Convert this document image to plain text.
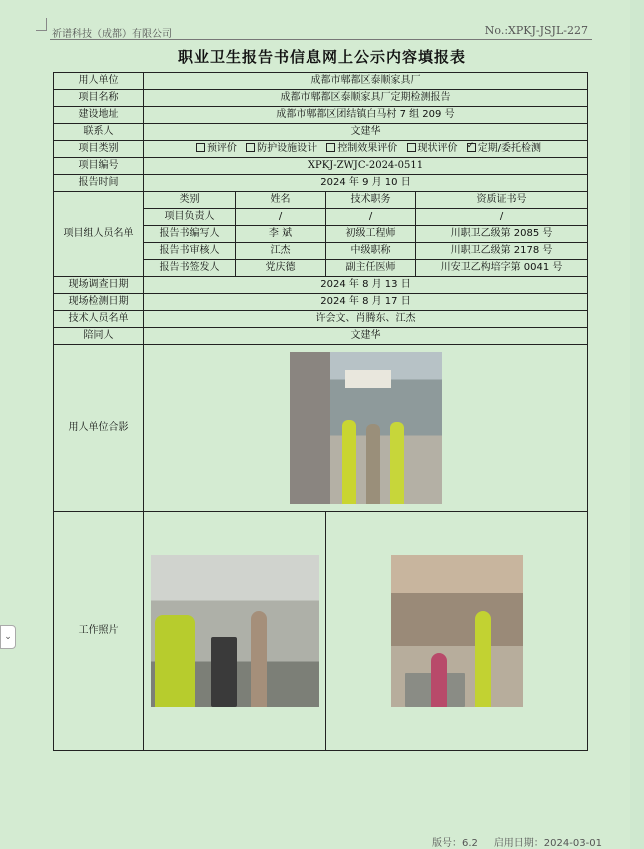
祈谱科技（成都）有限公司	No.:XPKJ-JSJL-227
职业卫生报告书信息网上公示内容填报表
用人单位	成都市郫都区泰顺家具厂			
项目名称	成都市郫都区泰顺家具厂定期检测报告			
建设地址	成都市郫都区团结镇白马村 7 组 209 号			
联系人	文建华			
项目类别	预评价 防护设施设计 控制效果评价 现状评价 ✓ 定期/委托检测
项目编号	XPKJ-ZWJC-2024-0511			
报告时间	2024 年 9 月 10 日			
项目组人员名单	类别	姓名	技术职务	资质证书号
	项目负责人	/	/	/
	报告书编写人	李 斌	初级工程师	川职卫乙级第 2085 号
	报告书审核人	江杰	中级职称	川职卫乙级第 2178 号
	报告书签发人	党庆德	副主任医师	川安卫乙构培字第 0041 号
现场调查日期	2024 年 8 月 13 日			
现场检测日期	2024 年 8 月 17 日			
技术人员名单	许会文、肖腾东、江杰			
陪同人	文建华			
用人单位合影				

工作照片			

版号：6.2 启用日期：2024-03-01
⌄
